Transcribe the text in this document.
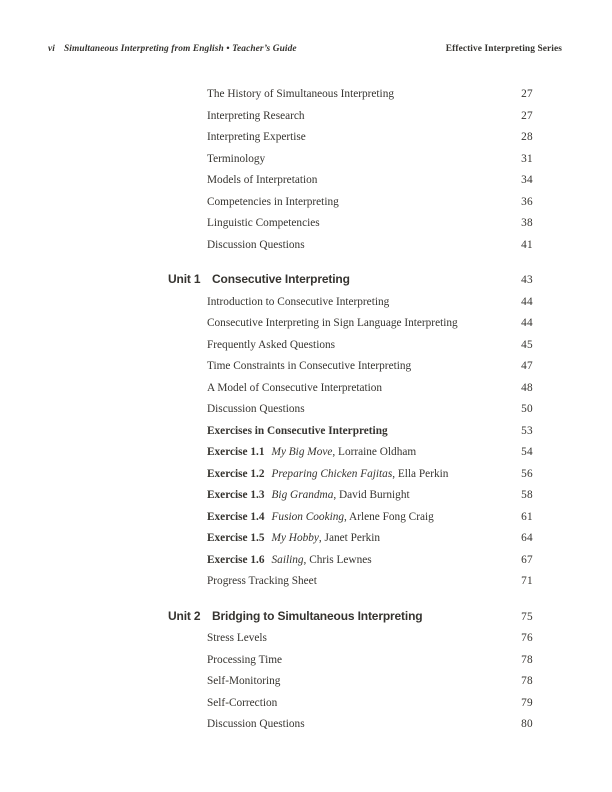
vi Simultaneous Interpreting from English • Teacher’s Guide	Effective Interpreting Series
The History of Simultaneous Interpreting	27
Interpreting Research	27
Interpreting Expertise	28
Terminology	31
Models of Interpretation	34
Competencies in Interpreting	36
Linguistic Competencies	38
Discussion Questions	41
Unit 1 Consecutive Interpreting	43
Introduction to Consecutive Interpreting	44
Consecutive Interpreting in Sign Language Interpreting	44
Frequently Asked Questions	45
Time Constraints in Consecutive Interpreting	47
A Model of Consecutive Interpretation	48
Discussion Questions	50
Exercises in Consecutive Interpreting	53
Exercise 1.1 My Big Move, Lorraine Oldham	54
Exercise 1.2 Preparing Chicken Fajitas, Ella Perkin	56
Exercise 1.3 Big Grandma, David Burnight	58
Exercise 1.4 Fusion Cooking, Arlene Fong Craig	61
Exercise 1.5 My Hobby, Janet Perkin	64
Exercise 1.6 Sailing, Chris Lewnes	67
Progress Tracking Sheet	71
Unit 2 Bridging to Simultaneous Interpreting	75
Stress Levels	76
Processing Time	78
Self-Monitoring	78
Self-Correction	79
Discussion Questions	80
